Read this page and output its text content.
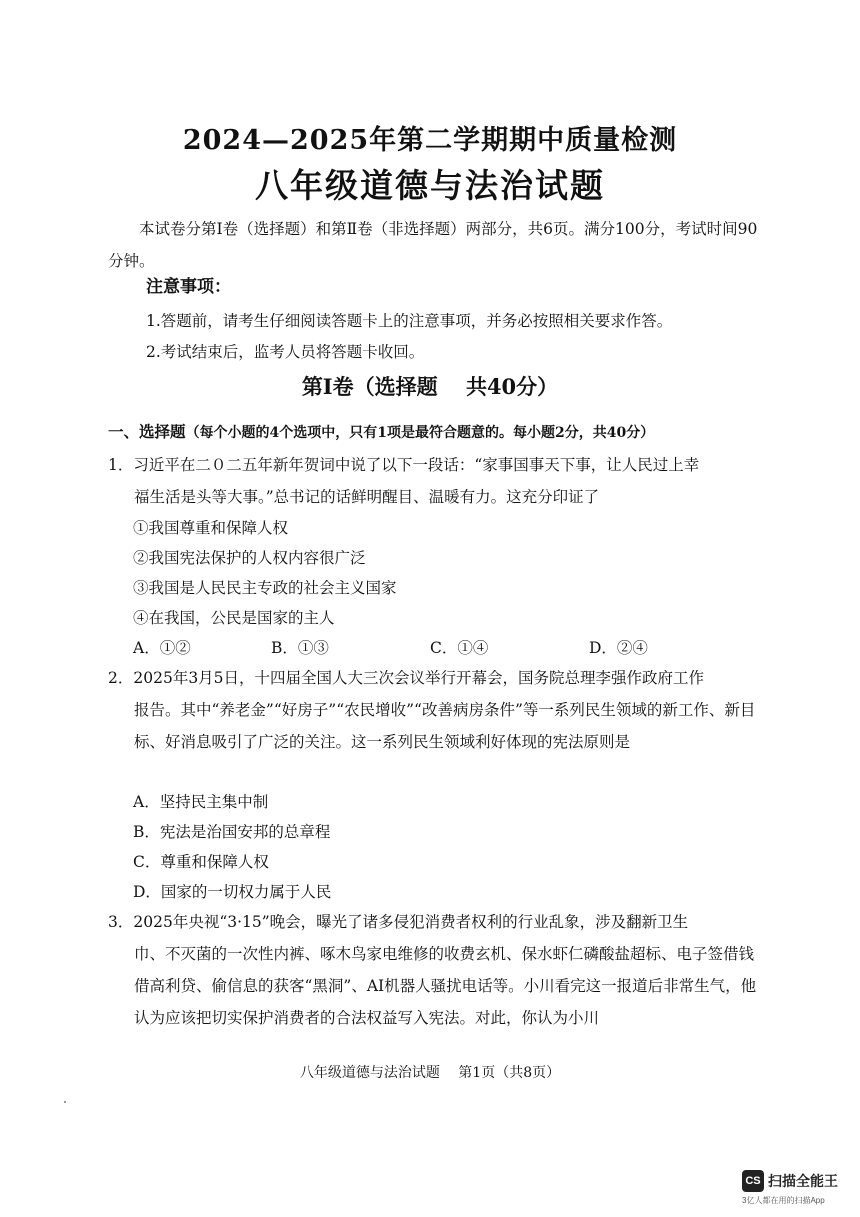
2024—2025年第二学期期中质量检测
八年级道德与法治试题
本试卷分第Ⅰ卷（选择题）和第Ⅱ卷（非选择题）两部分，共6页。满分100分，考试时间90分钟。
注意事项：
1.答题前，请考生仔细阅读答题卡上的注意事项，并务必按照相关要求作答。
2.考试结束后，监考人员将答题卡收回。
第Ⅰ卷（选择题　 共40分）
一、选择题（每个小题的4个选项中，只有1项是最符合题意的。每小题2分，共40分）
1．习近平在二０二五年新年贺词中说了以下一段话：“家事国事天下事，让人民过上幸
福生活是头等大事。”总书记的话鲜明醒目、温暖有力。这充分印证了
①我国尊重和保障人权
②我国宪法保护的人权内容很广泛
③我国是人民民主专政的社会主义国家
④在我国，公民是国家的主人
A．①②	B．①③	C．①④	D．②④
2．2025年3月5日，十四届全国人大三次会议举行开幕会，国务院总理李强作政府工作
报告。其中“养老金”“好房子”“农民增收”“改善病房条件”等一系列民生领域的新工作、新目标、好消息吸引了广泛的关注。这一系列民生领域利好体现的宪法原则是
A．坚持民主集中制
B．宪法是治国安邦的总章程
C．尊重和保障人权
D．国家的一切权力属于人民
3．2025年央视“3·15”晚会，曝光了诸多侵犯消费者权利的行业乱象，涉及翻新卫生
巾、不灭菌的一次性内裤、啄木鸟家电维修的收费玄机、保水虾仁磷酸盐超标、电子签借钱借高利贷、偷信息的获客“黑洞”、AI机器人骚扰电话等。小川看完这一报道后非常生气，他认为应该把切实保护消费者的合法权益写入宪法。对此，你认为小川
八年级道德与法治试题　 第1页（共8页）
CS 扫描全能王
3亿人都在用的扫描App
